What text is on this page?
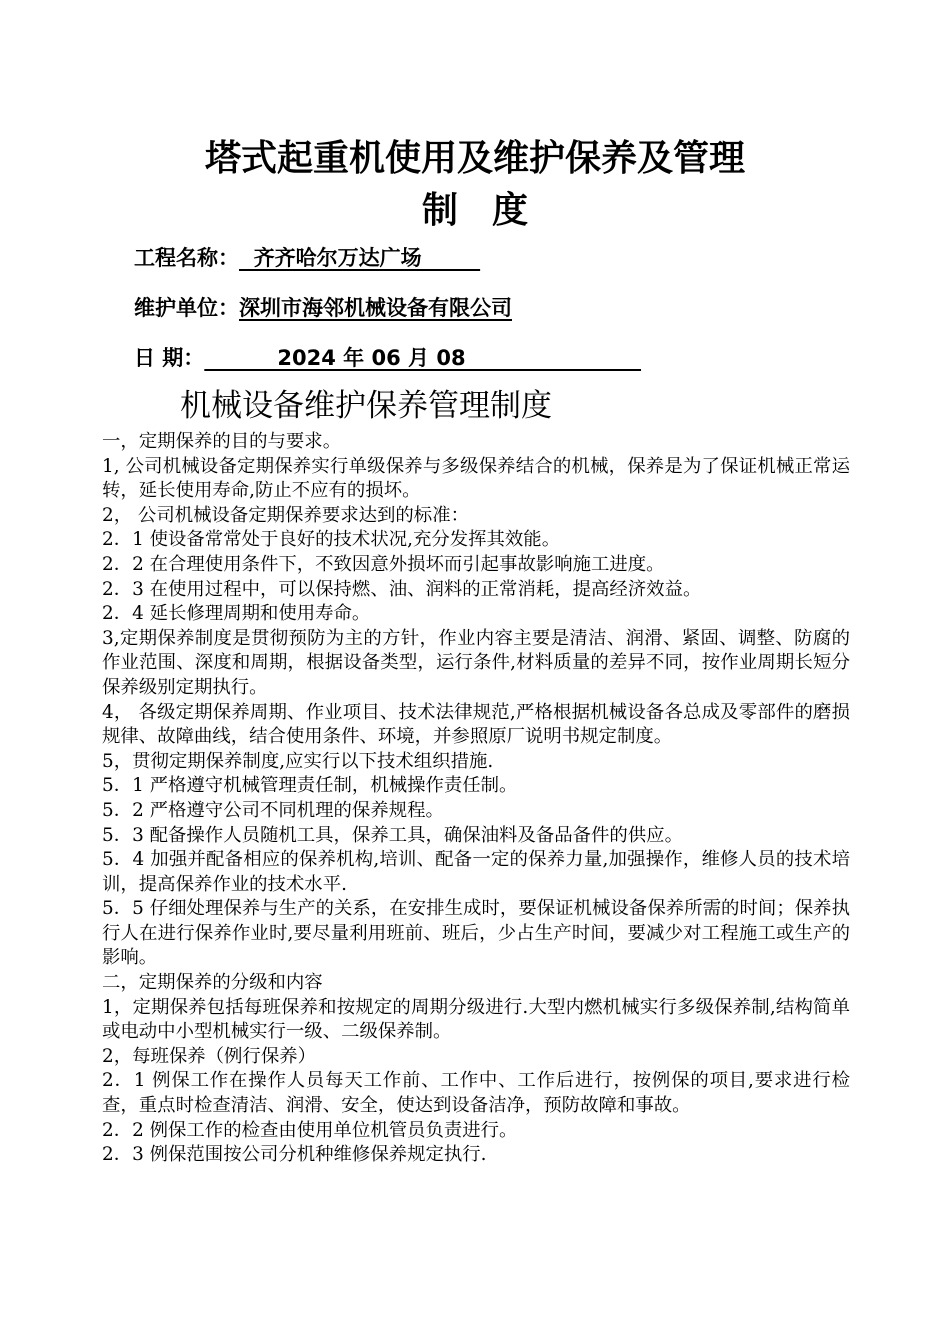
塔式起重机使用及维护保养及管理
制度
工程名称：  齐齐哈尔万达广场
维护单位：深圳市海邻机械设备有限公司
日 期：          2024 年 06 月 08
机械设备维护保养管理制度

一，定期保养的目的与要求。

1, 公司机械设备定期保养实行单级保养与多级保养结合的机械，保养是为了保证机械正常运转，延长使用寿命,防止不应有的损坏。

2， 公司机械设备定期保养要求达到的标准：

2．1 使设备常常处于良好的技术状况,充分发挥其效能。

2．2 在合理使用条件下，不致因意外损坏而引起事故影响施工进度。

2．3 在使用过程中，可以保持燃、油、润料的正常消耗，提高经济效益。

2．4 延长修理周期和使用寿命。

3,定期保养制度是贯彻预防为主的方针，作业内容主要是清洁、润滑、紧固、调整、防腐的作业范围、深度和周期，根据设备类型，运行条件,材料质量的差异不同，按作业周期长短分保养级别定期执行。

4， 各级定期保养周期、作业项目、技术法律规范,严格根据机械设备各总成及零部件的磨损规律、故障曲线，结合使用条件、环境，并参照原厂说明书规定制度。

5，贯彻定期保养制度,应实行以下技术组织措施.

5．1 严格遵守机械管理责任制，机械操作责任制。

5．2 严格遵守公司不同机理的保养规程。

5．3 配备操作人员随机工具，保养工具，确保油料及备品备件的供应。

5．4 加强并配备相应的保养机构,培训、配备一定的保养力量,加强操作，维修人员的技术培训，提高保养作业的技术水平.

5．5 仔细处理保养与生产的关系，在安排生成时，要保证机械设备保养所需的时间；保养执行人在进行保养作业时,要尽量利用班前、班后，少占生产时间，要减少对工程施工或生产的影响。

二，定期保养的分级和内容

1，定期保养包括每班保养和按规定的周期分级进行.大型内燃机械实行多级保养制,结构简单或电动中小型机械实行一级、二级保养制。

2，每班保养（例行保养）

2．1 例保工作在操作人员每天工作前、工作中、工作后进行，按例保的项目,要求进行检查，重点时检查清洁、润滑、安全，使达到设备洁净，预防故障和事故。

2．2 例保工作的检查由使用单位机管员负责进行。

2．3 例保范围按公司分机种维修保养规定执行.
